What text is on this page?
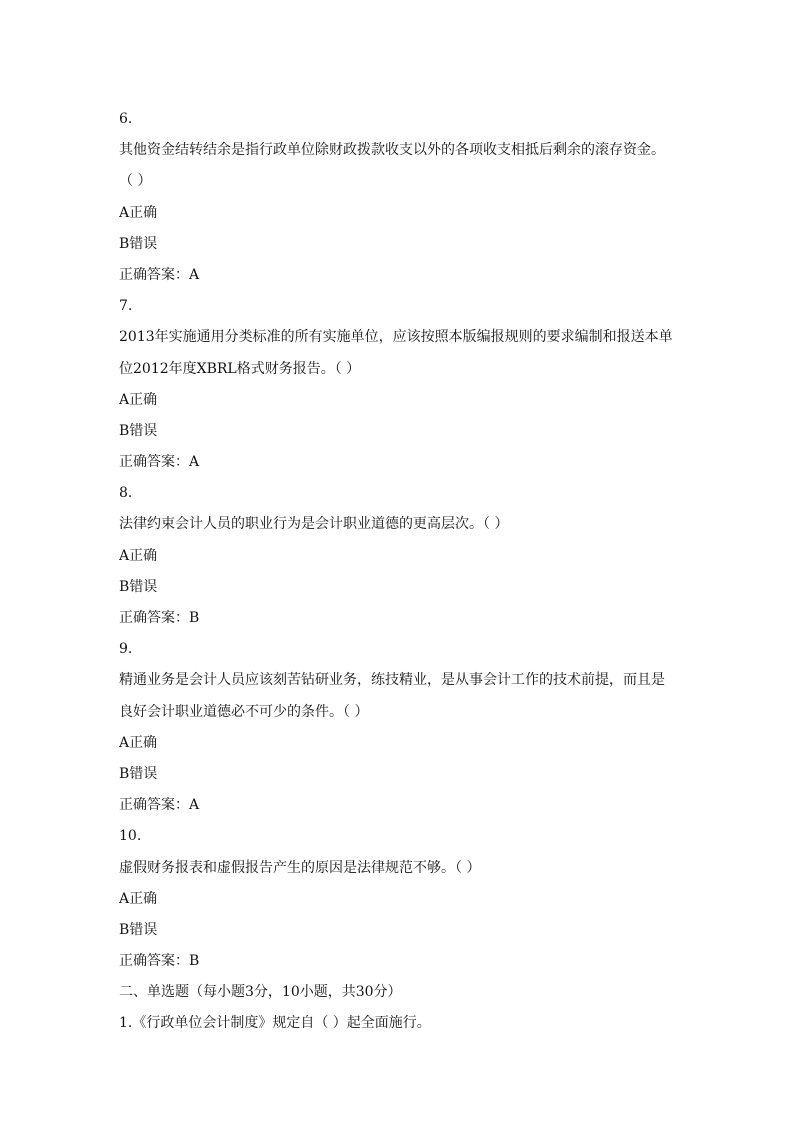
6.
其他资金结转结余是指行政单位除财政拨款收支以外的各项收支相抵后剩余的滚存资金。
（ ）
A正确
B错误
正确答案：A
7.
2013年实施通用分类标准的所有实施单位，应该按照本版编报规则的要求编制和报送本单
位2012年度XBRL格式财务报告。（ ）
A正确
B错误
正确答案：A
8.
法律约束会计人员的职业行为是会计职业道德的更高层次。（ ）
A正确
B错误
正确答案：B
9.
精通业务是会计人员应该刻苦钻研业务，练技精业，是从事会计工作的技术前提，而且是
良好会计职业道德必不可少的条件。（ ）
A正确
B错误
正确答案：A
10.
虚假财务报表和虚假报告产生的原因是法律规范不够。（ ）
A正确
B错误
正确答案：B
二、单选题（每小题3分，10小题，共30分）
1.《行政单位会计制度》规定自（ ）起全面施行。
